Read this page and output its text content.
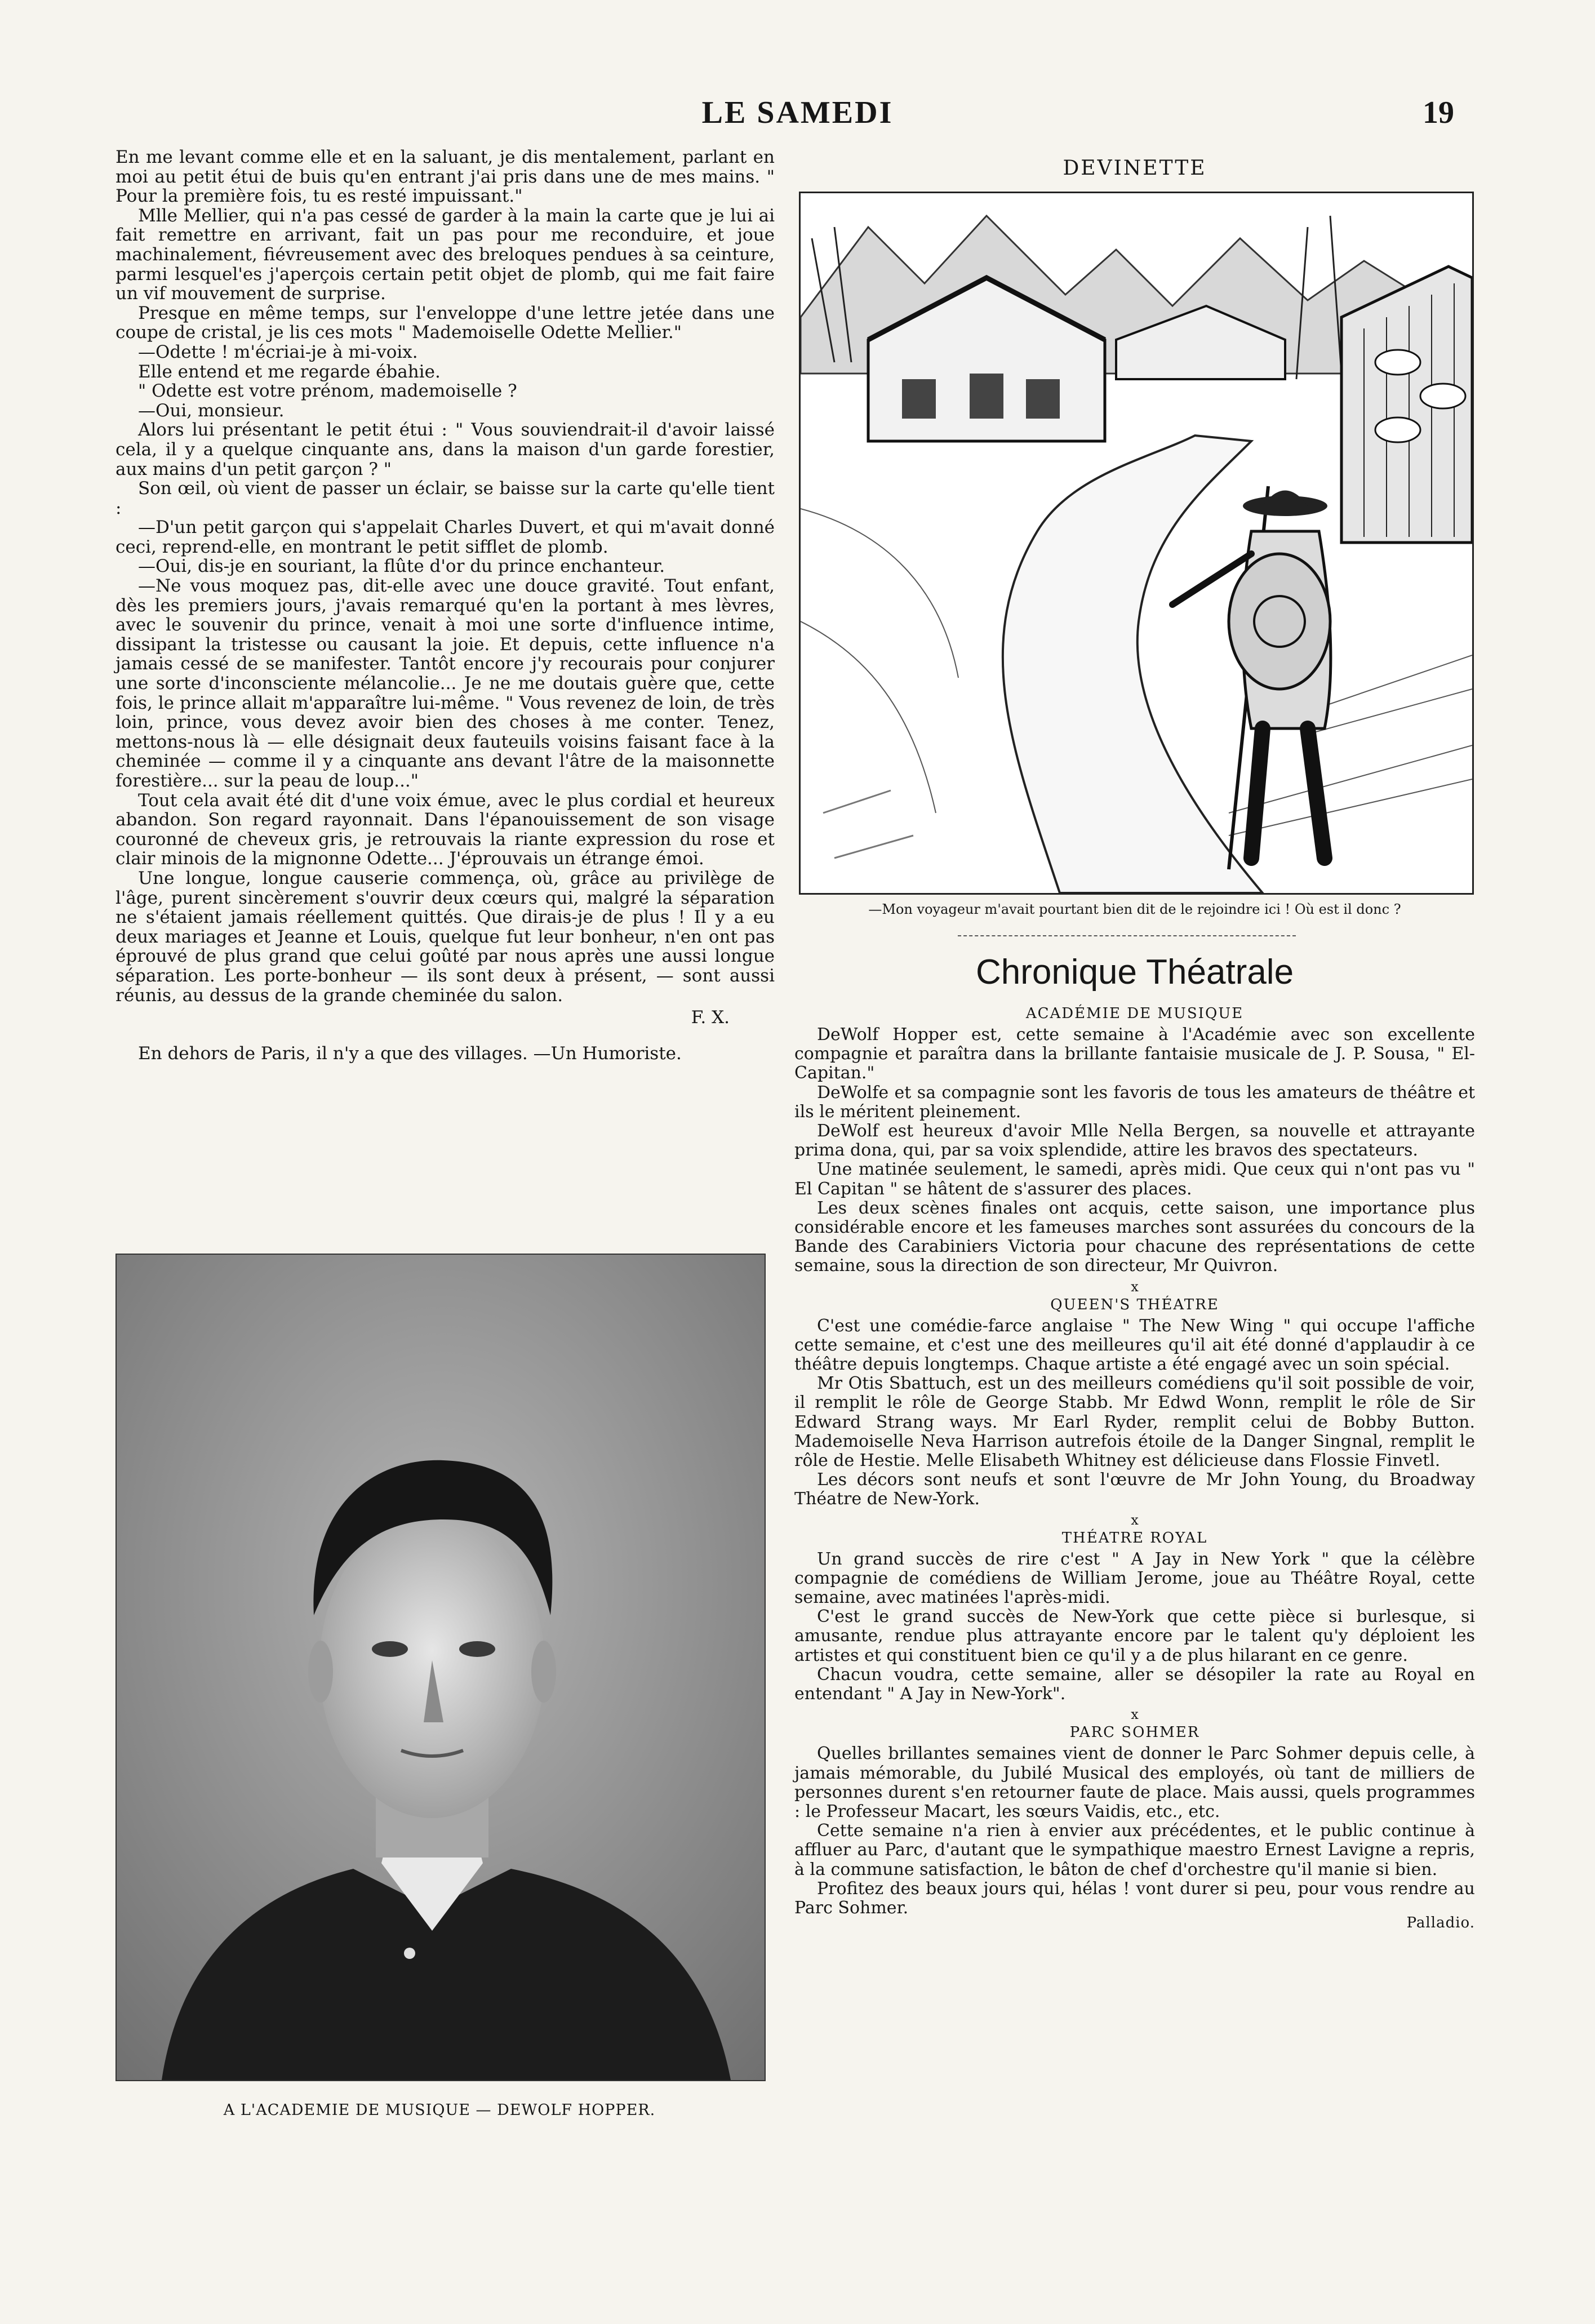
LE SAMEDI	19

En me levant comme elle et en la saluant, je dis mentalement, parlant en moi au petit étui de buis qu'en entrant j'ai pris dans une de mes mains. " Pour la première fois, tu es resté impuissant."

Mlle Mellier, qui n'a pas cessé de garder à la main la carte que je lui ai fait remettre en arrivant, fait un pas pour me reconduire, et joue machinalement, fiévreusement avec des breloques pendues à sa ceinture, parmi lesquel'es j'aperçois certain petit objet de plomb, qui me fait faire un vif mouvement de surprise.

Presque en même temps, sur l'enveloppe d'une lettre jetée dans une coupe de cristal, je lis ces mots " Mademoiselle Odette Mellier."

—Odette ! m'écriai-je à mi-voix.

Elle entend et me regarde ébahie.

" Odette est votre prénom, mademoiselle ?

—Oui, monsieur.

Alors lui présentant le petit étui : " Vous souviendrait-il d'avoir laissé cela, il y a quelque cinquante ans, dans la maison d'un garde forestier, aux mains d'un petit garçon ? "

Son œil, où vient de passer un éclair, se baisse sur la carte qu'elle tient :

—D'un petit garçon qui s'appelait Charles Duvert, et qui m'avait donné ceci, reprend-elle, en montrant le petit sifflet de plomb.

—Oui, dis-je en souriant, la flûte d'or du prince enchanteur.

—Ne vous moquez pas, dit-elle avec une douce gravité. Tout enfant, dès les premiers jours, j'avais remarqué qu'en la portant à mes lèvres, avec le souvenir du prince, venait à moi une sorte d'influence intime, dissipant la tristesse ou causant la joie. Et depuis, cette influence n'a jamais cessé de se manifester. Tantôt encore j'y recourais pour conjurer une sorte d'inconsciente mélancolie... Je ne me doutais guère que, cette fois, le prince allait m'apparaître lui-même. " Vous revenez de loin, de très loin, prince, vous devez avoir bien des choses à me conter. Tenez, mettons-nous là — elle désignait deux fauteuils voisins faisant face à la cheminée — comme il y a cinquante ans devant l'âtre de la maisonnette forestière... sur la peau de loup..."

Tout cela avait été dit d'une voix émue, avec le plus cordial et heureux abandon. Son regard rayonnait. Dans l'épanouissement de son visage couronné de cheveux gris, je retrouvais la riante expression du rose et clair minois de la mignonne Odette... J'éprouvais un étrange émoi.

Une longue, longue causerie commença, où, grâce au privilège de l'âge, purent sincèrement s'ouvrir deux cœurs qui, malgré la séparation ne s'étaient jamais réellement quittés. Que dirais-je de plus ! Il y a eu deux mariages et Jeanne et Louis, quelque fut leur bonheur, n'en ont pas éprouvé de plus grand que celui goûté par nous après une aussi longue séparation. Les porte-bonheur — ils sont deux à présent, — sont aussi réunis, au dessus de la grande cheminée du salon.

F. X.
En dehors de Paris, il n'y a que des villages. —Un Humoriste.
A L'ACADEMIE DE MUSIQUE — DEWOLF HOPPER.
DEVINETTE
—Mon voyageur m'avait pourtant bien dit de le rejoindre ici ! Où est il donc ?
Chronique Théatrale
ACADÉMIE DE MUSIQUE

DeWolf Hopper est, cette semaine à l'Académie avec son excellente compagnie et paraîtra dans la brillante fantaisie musicale de J. P. Sousa, " El-Capitan."

DeWolfe et sa compagnie sont les favoris de tous les amateurs de théâtre et ils le méritent pleinement.

DeWolf est heureux d'avoir Mlle Nella Bergen, sa nouvelle et attrayante prima dona, qui, par sa voix splendide, attire les bravos des spectateurs.

Une matinée seulement, le samedi, après midi. Que ceux qui n'ont pas vu " El Capitan " se hâtent de s'assurer des places.

Les deux scènes finales ont acquis, cette saison, une importance plus considérable encore et les fameuses marches sont assurées du concours de la Bande des Carabiniers Victoria pour chacune des représentations de cette semaine, sous la direction de son directeur, Mr Quivron.

x
QUEEN'S THÉATRE

C'est une comédie-farce anglaise " The New Wing " qui occupe l'affiche cette semaine, et c'est une des meilleures qu'il ait été donné d'applaudir à ce théâtre depuis longtemps. Chaque artiste a été engagé avec un soin spécial.

Mr Otis Sbattuch, est un des meilleurs comédiens qu'il soit possible de voir, il remplit le rôle de George Stabb. Mr Edwd Wonn, remplit le rôle de Sir Edward Strang ways. Mr Earl Ryder, remplit celui de Bobby Button. Mademoiselle Neva Harrison autrefois étoile de la Danger Singnal, remplit le rôle de Hestie. Melle Elisabeth Whitney est délicieuse dans Flossie Finvetl.

Les décors sont neufs et sont l'œuvre de Mr John Young, du Broadway Théatre de New-York.

x
THÉATRE ROYAL

Un grand succès de rire c'est " A Jay in New York " que la célèbre compagnie de comédiens de William Jerome, joue au Théâtre Royal, cette semaine, avec matinées l'après-midi.

C'est le grand succès de New-York que cette pièce si burlesque, si amusante, rendue plus attrayante encore par le talent qu'y déploient les artistes et qui constituent bien ce qu'il y a de plus hilarant en ce genre.

Chacun voudra, cette semaine, aller se désopiler la rate au Royal en entendant " A Jay in New-York".

x
PARC SOHMER

Quelles brillantes semaines vient de donner le Parc Sohmer depuis celle, à jamais mémorable, du Jubilé Musical des employés, où tant de milliers de personnes durent s'en retourner faute de place. Mais aussi, quels programmes : le Professeur Macart, les sœurs Vaidis, etc., etc.

Cette semaine n'a rien à envier aux précédentes, et le public continue à affluer au Parc, d'autant que le sympathique maestro Ernest Lavigne a repris, à la commune satisfaction, le bâton de chef d'orchestre qu'il manie si bien.

Profitez des beaux jours qui, hélas ! vont durer si peu, pour vous rendre au Parc Sohmer.

Palladio.
